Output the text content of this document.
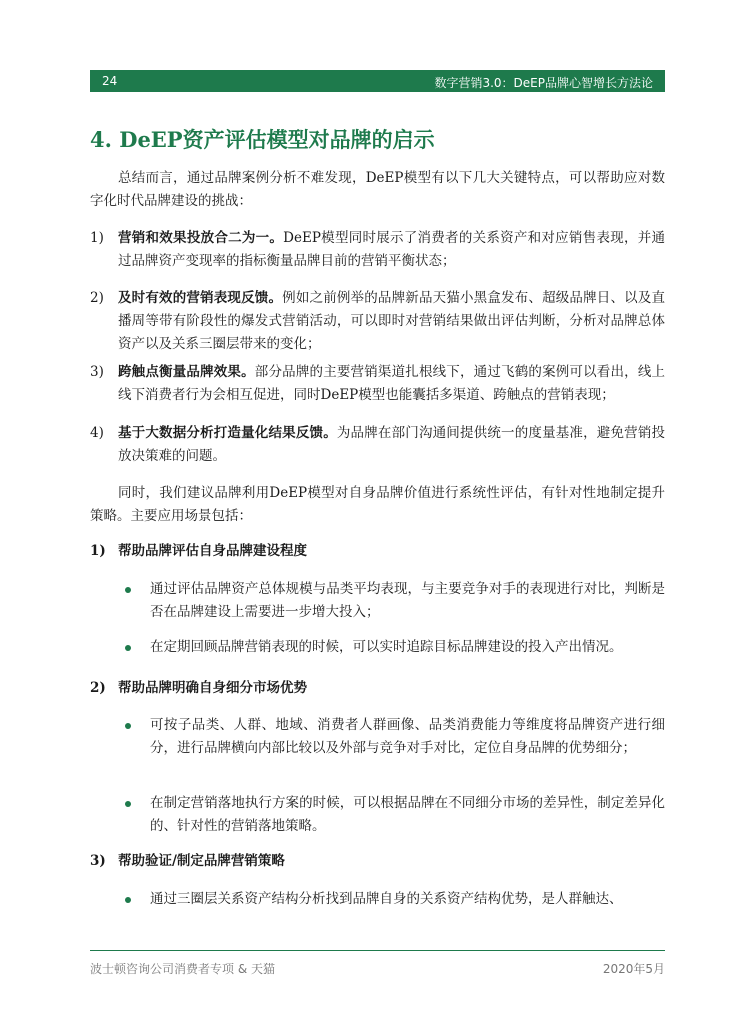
24	数字营销3.0：DeEP品牌心智增长方法论
4. DeEP资产评估模型对品牌的启示
总结而言，通过品牌案例分析不难发现，DeEP模型有以下几大关键特点，可以帮助应对数字化时代品牌建设的挑战：
1) 营销和效果投放合二为一。DeEP模型同时展示了消费者的关系资产和对应销售表现，并通过品牌资产变现率的指标衡量品牌目前的营销平衡状态；
2) 及时有效的营销表现反馈。例如之前例举的品牌新品天猫小黑盒发布、超级品牌日、以及直播周等带有阶段性的爆发式营销活动，可以即时对营销结果做出评估判断，分析对品牌总体资产以及关系三圈层带来的变化；
3) 跨触点衡量品牌效果。部分品牌的主要营销渠道扎根线下，通过飞鹤的案例可以看出，线上线下消费者行为会相互促进，同时DeEP模型也能囊括多渠道、跨触点的营销表现；
4) 基于大数据分析打造量化结果反馈。为品牌在部门沟通间提供统一的度量基准，避免营销投放决策难的问题。
同时，我们建议品牌利用DeEP模型对自身品牌价值进行系统性评估，有针对性地制定提升策略。主要应用场景包括：
1) 帮助品牌评估自身品牌建设程度
通过评估品牌资产总体规模与品类平均表现，与主要竞争对手的表现进行对比，判断是否在品牌建设上需要进一步增大投入；
在定期回顾品牌营销表现的时候，可以实时追踪目标品牌建设的投入产出情况。
2) 帮助品牌明确自身细分市场优势
可按子品类、人群、地域、消费者人群画像、品类消费能力等维度将品牌资产进行细分，进行品牌横向内部比较以及外部与竞争对手对比，定位自身品牌的优势细分；
在制定营销落地执行方案的时候，可以根据品牌在不同细分市场的差异性，制定差异化的、针对性的营销落地策略。
3) 帮助验证/制定品牌营销策略
通过三圈层关系资产结构分析找到品牌自身的关系资产结构优势，是人群触达、
波士顿咨询公司消费者专项 & 天猫	2020年5月
